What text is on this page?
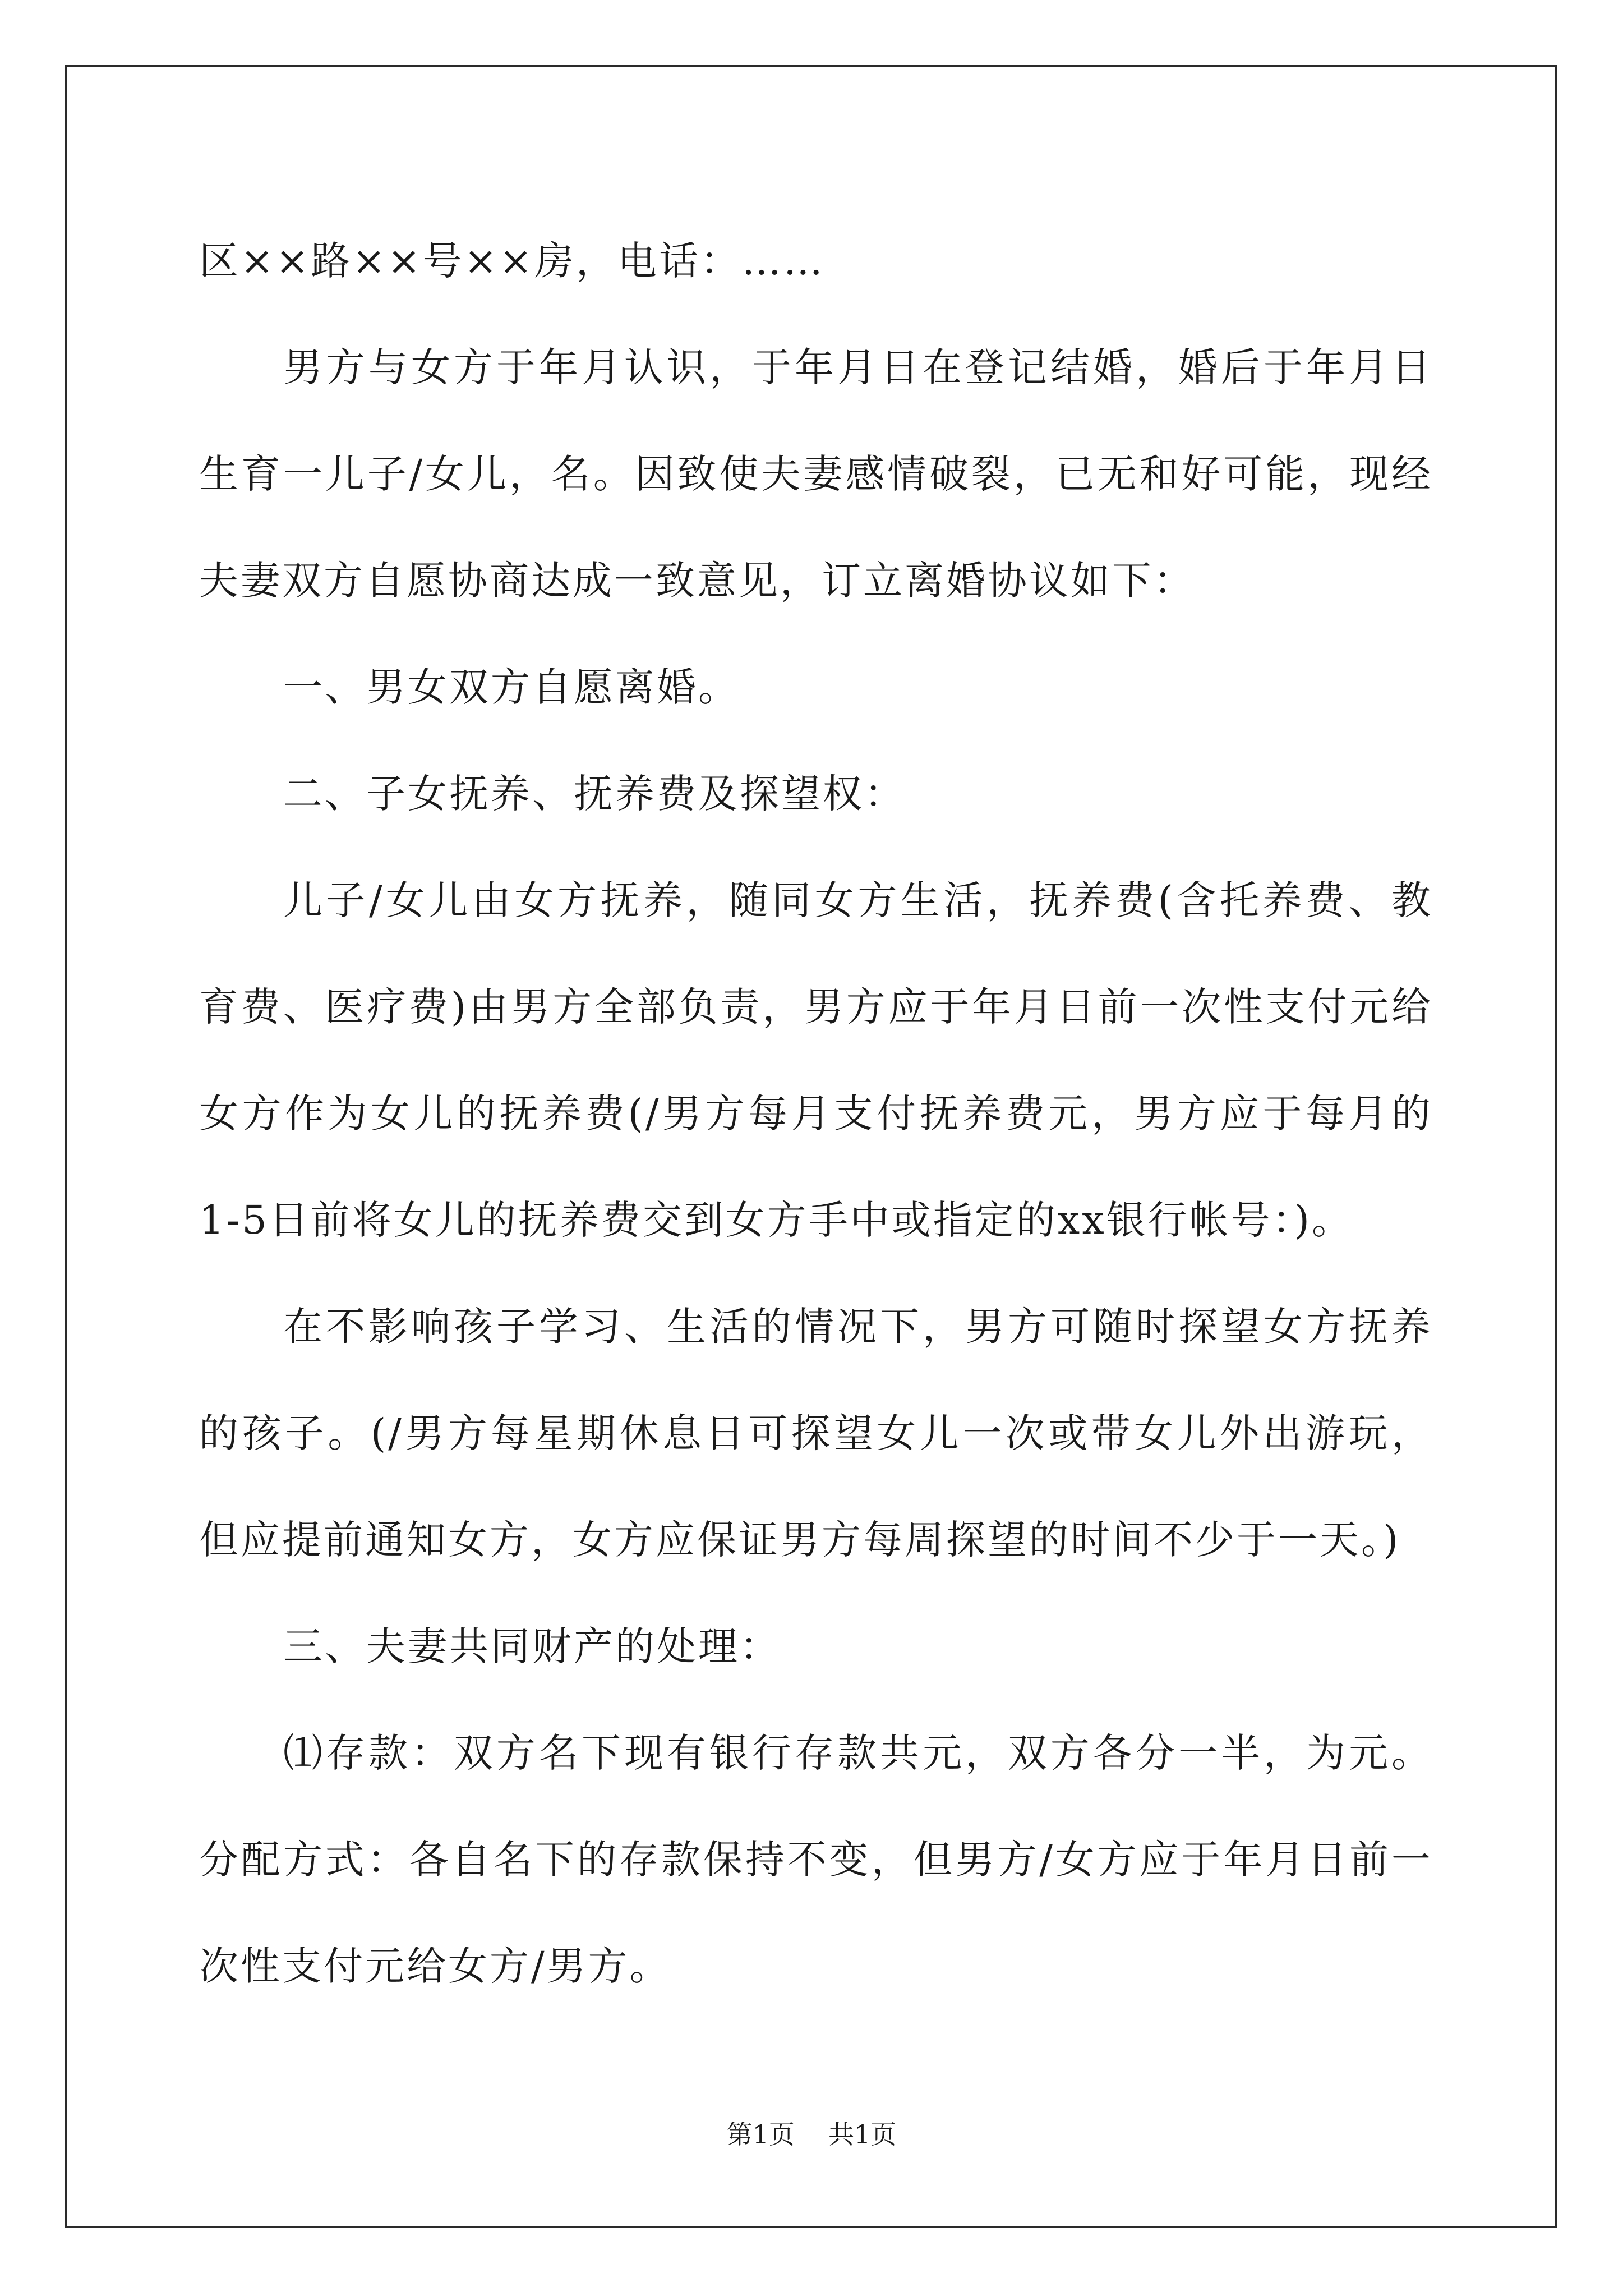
区××路××号××房，电话：……

男方与女方于年月认识，于年月日在登记结婚，婚后于年月日生育一儿子/女儿，名。因致使夫妻感情破裂，已无和好可能，现经夫妻双方自愿协商达成一致意见，订立离婚协议如下：

一、男女双方自愿离婚。

二、子女抚养、抚养费及探望权：

儿子/女儿由女方抚养，随同女方生活，抚养费(含托养费、教育费、医疗费)由男方全部负责，男方应于年月日前一次性支付元给女方作为女儿的抚养费(/男方每月支付抚养费元，男方应于每月的1-5日前将女儿的抚养费交到女方手中或指定的xx银行帐号：)。

在不影响孩子学习、生活的情况下，男方可随时探望女方抚养的孩子。(/男方每星期休息日可探望女儿一次或带女儿外出游玩，但应提前通知女方，女方应保证男方每周探望的时间不少于一天。)

三、夫妻共同财产的处理：

⑴存款：双方名下现有银行存款共元，双方各分一半，为元。分配方式：各自名下的存款保持不变，但男方/女方应于年月日前一次性支付元给女方/男方。

第1页 共1页
